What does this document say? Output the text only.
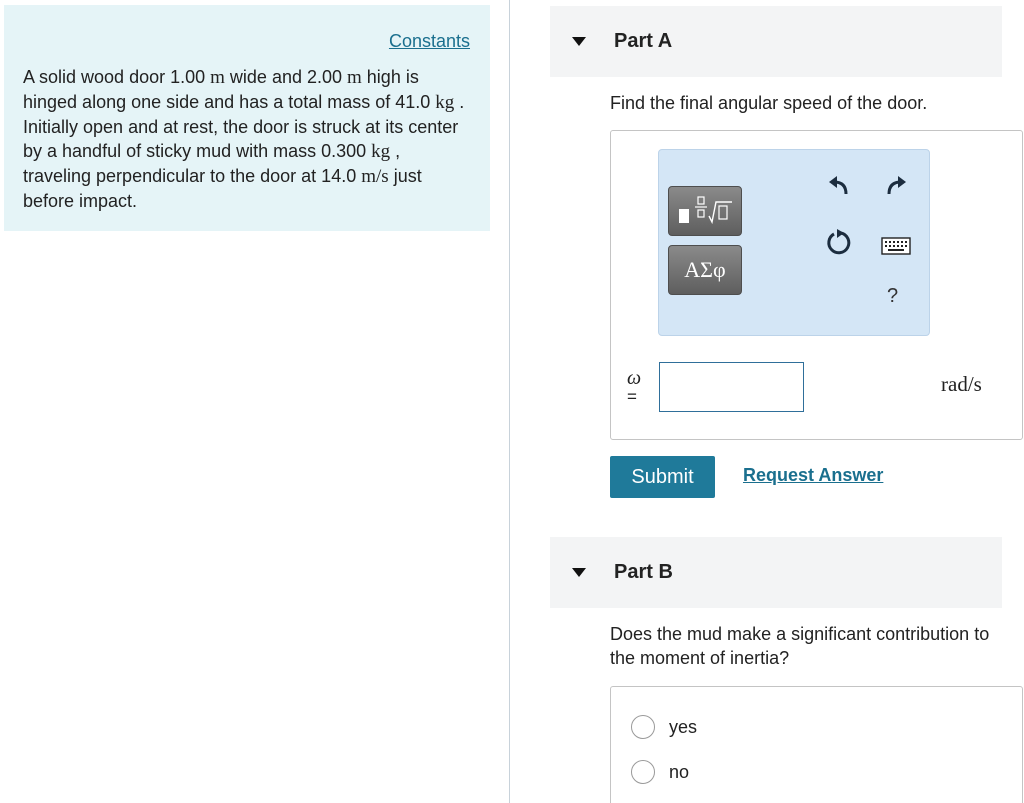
Constants

A solid wood door 1.00 m wide and 2.00 m high is hinged along one side and has a total mass of 41.0 kg . Initially open and at rest, the door is struck at its center by a handful of sticky mud with mass 0.300 kg , traveling perpendicular to the door at 14.0 m/s just before impact.

Part A

Find the final angular speed of the door.

ΑΣφ
?
ω
=
rad/s
Submit	Request Answer
Part B

Does the mud make a significant contribution to the moment of inertia?

yes
no
